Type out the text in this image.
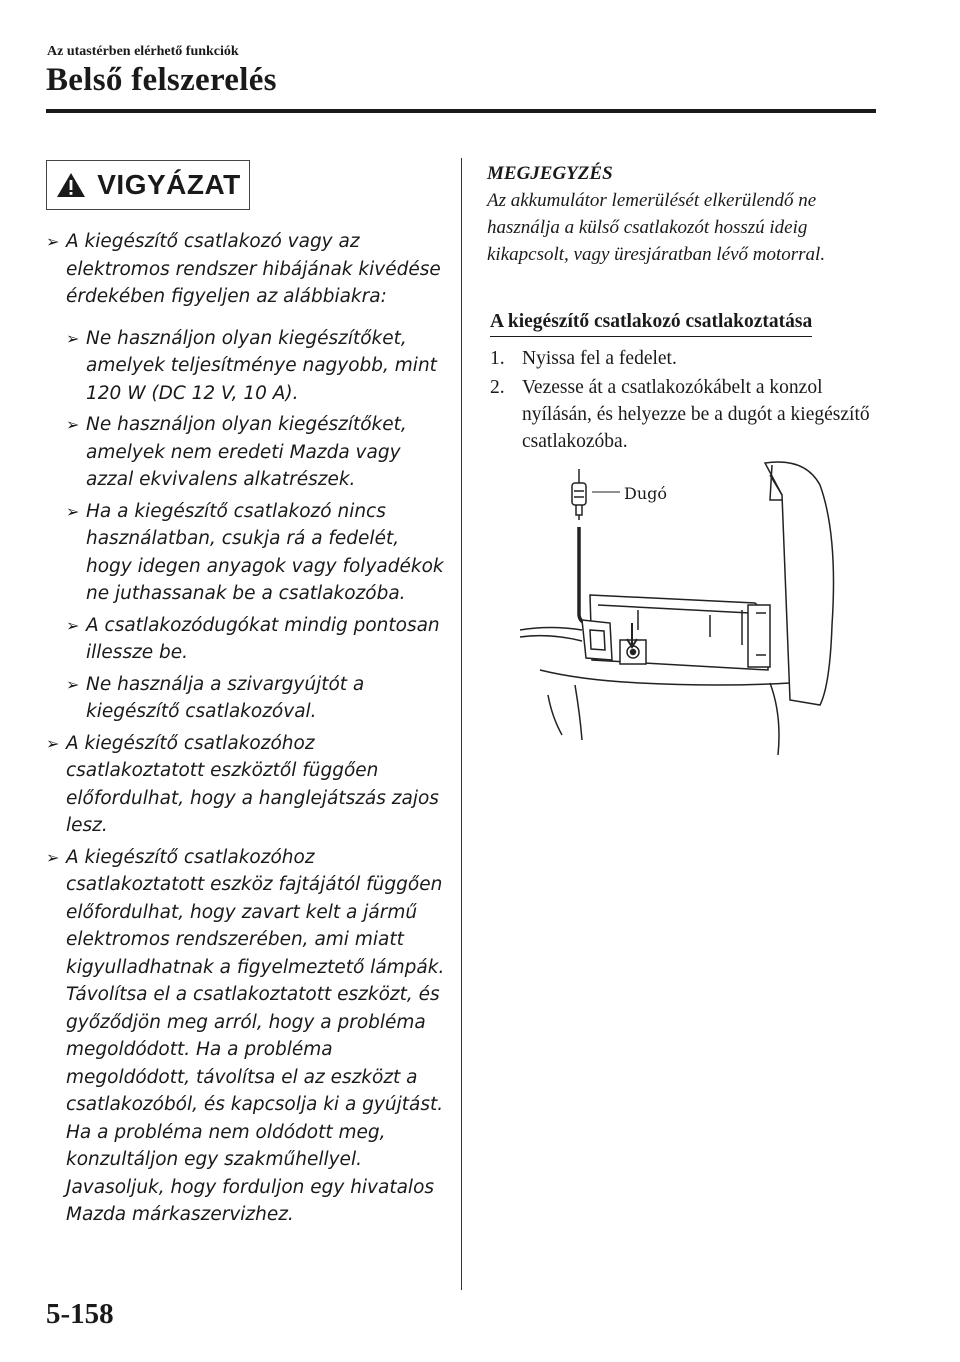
Az utastérben elérhető funkciók
Belső felszerelés
VIGYÁZAT
➢ A kiegészítő csatlakozó vagy az elektromos rendszer hibájának kivédése érdekében figyeljen az alábbiakra:
➢ Ne használjon olyan kiegészítőket, amelyek teljesítménye nagyobb, mint 120 W (DC 12 V, 10 A).
➢ Ne használjon olyan kiegészítőket, amelyek nem eredeti Mazda vagy azzal ekvivalens alkatrészek.
➢ Ha a kiegészítő csatlakozó nincs használatban, csukja rá a fedelét, hogy idegen anyagok vagy folyadékok ne juthassanak be a csatlakozóba.
➢ A csatlakozódugókat mindig pontosan illessze be.
➢ Ne használja a szivargyújtót a kiegészítő csatlakozóval.
➢ A kiegészítő csatlakozóhoz csatlakoztatott eszköztől függően előfordulhat, hogy a hanglejátszás zajos lesz.
➢ A kiegészítő csatlakozóhoz csatlakoztatott eszköz fajtájától függően előfordulhat, hogy zavart kelt a jármű elektromos rendszerében, ami miatt kigyulladhatnak a figyelmeztető lámpák. Távolítsa el a csatlakoztatott eszközt, és győződjön meg arról, hogy a probléma megoldódott. Ha a probléma megoldódott, távolítsa el az eszközt a csatlakozóból, és kapcsolja ki a gyújtást. Ha a probléma nem oldódott meg, konzultáljon egy szakműhellyel. Javasoljuk, hogy forduljon egy hivatalos Mazda márkaszervizhez.
MEGJEGYZÉS
Az akkumulátor lemerülését elkerülendő ne használja a külső csatlakozót hosszú ideig kikapcsolt, vagy üresjáratban lévő motorral.
A kiegészítő csatlakozó csatlakoztatása
1. Nyissa fel a fedelet.
2. Vezesse át a csatlakozókábelt a konzol nyílásán, és helyezze be a dugót a kiegészítő csatlakozóba.
Dugó
5-158
